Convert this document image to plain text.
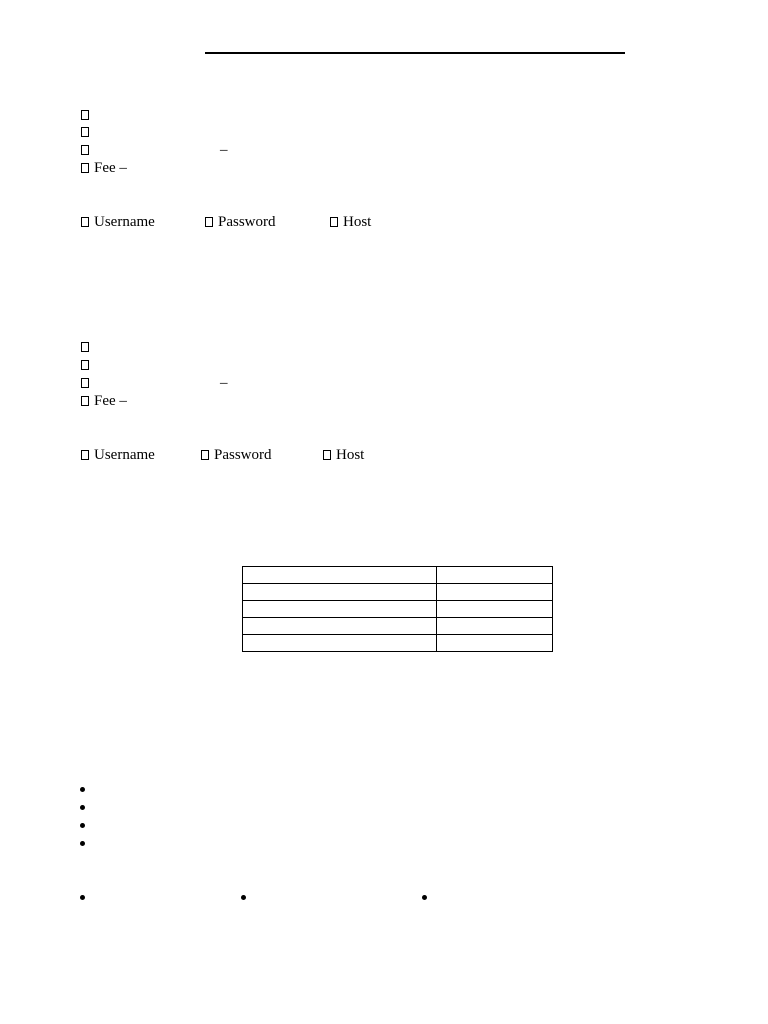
–
Fee –
Username	Password	Host
–
Fee –
Username	Password	Host
